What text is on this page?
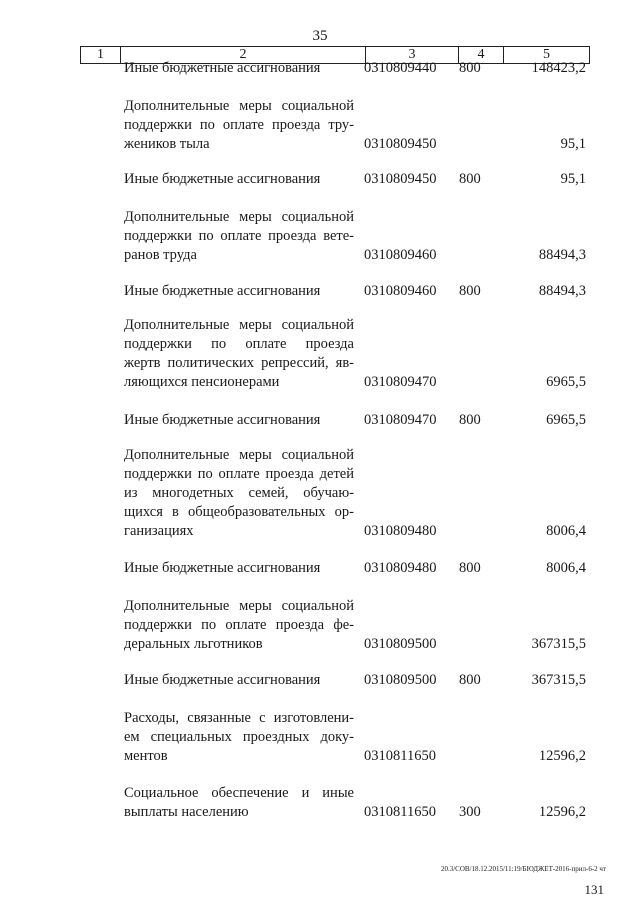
35
1	2	3	4	5
Иные бюджетные ассигнования	0310809440 800	148423,2
Дополнительные меры социальной
поддержки по оплате проезда тру-
жеников тыла	0310809450	95,1
Иные бюджетные ассигнования	0310809450 800	95,1
Дополнительные меры социальной
поддержки по оплате проезда вете-
ранов труда	0310809460	88494,3
Иные бюджетные ассигнования	0310809460 800	88494,3
Дополнительные меры социальной
поддержки по оплате проезда
жертв политических репрессий, яв-
ляющихся пенсионерами	0310809470	6965,5
Иные бюджетные ассигнования	0310809470 800	6965,5
Дополнительные меры социальной
поддержки по оплате проезда детей
из многодетных семей, обучаю-
щихся в общеобразовательных ор-
ганизациях	0310809480	8006,4
Иные бюджетные ассигнования	0310809480 800	8006,4
Дополнительные меры социальной
поддержки по оплате проезда фе-
деральных льготников	0310809500	367315,5
Иные бюджетные ассигнования	0310809500 800	367315,5
Расходы, связанные с изготовлени-
ем специальных проездных доку-
ментов	0310811650	12596,2
Социальное обеспечение и иные
выплаты населению	0310811650 300	12596,2
20.3/СОВ/18.12.2015/11:19/БЮДЖЕТ-2016-прил-6-2 чт
131
